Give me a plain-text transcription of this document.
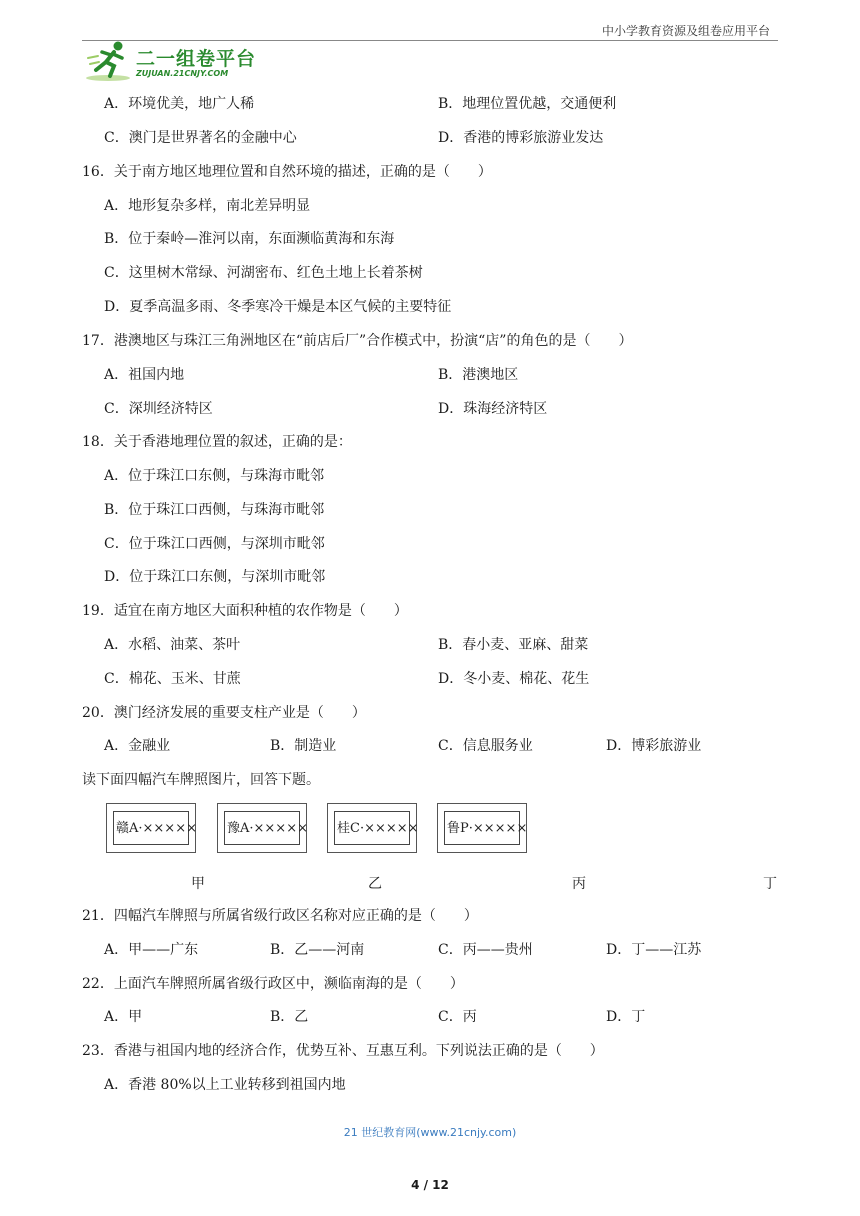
中小学教育资源及组卷应用平台
二一组卷平台
ZUJUAN.21CNJY.COM
A．环境优美，地广人稀	B．地理位置优越，交通便利
C．澳门是世界著名的金融中心	D．香港的博彩旅游业发达
16．关于南方地区地理位置和自然环境的描述，正确的是（　　）
A．地形复杂多样，南北差异明显
B．位于秦岭—淮河以南，东面濒临黄海和东海
C．这里树木常绿、河湖密布、红色土地上长着茶树
D．夏季高温多雨、冬季寒冷干燥是本区气候的主要特征
17．港澳地区与珠江三角洲地区在“前店后厂”合作模式中，扮演“店”的角色的是（　　）
A．祖国内地	B．港澳地区
C．深圳经济特区	D．珠海经济特区
18．关于香港地理位置的叙述，正确的是：
A．位于珠江口东侧，与珠海市毗邻
B．位于珠江口西侧，与珠海市毗邻
C．位于珠江口西侧，与深圳市毗邻
D．位于珠江口东侧，与深圳市毗邻
19．适宜在南方地区大面积种植的农作物是（　　）
A．水稻、油菜、茶叶	B．春小麦、亚麻、甜菜
C．棉花、玉米、甘蔗	D．冬小麦、棉花、花生
20．澳门经济发展的重要支柱产业是（　　）
A．金融业	B．制造业	C．信息服务业	D．博彩旅游业
读下面四幅汽车牌照图片，回答下题。
赣A·××××× 豫A·××××× 桂C·××××× 鲁P·×××××
甲	乙	丙	丁
21．四幅汽车牌照与所属省级行政区名称对应正确的是（　　）
A．甲——广东	B．乙——河南	C．丙——贵州	D．丁——江苏
22．上面汽车牌照所属省级行政区中，濒临南海的是（　　）
A．甲	B．乙	C．丙	D．丁
23．香港与祖国内地的经济合作，优势互补、互惠互利。下列说法正确的是（　　）
A．香港 80%以上工业转移到祖国内地
21 世纪教育网(www.21cnjy.com)
4 / 12
